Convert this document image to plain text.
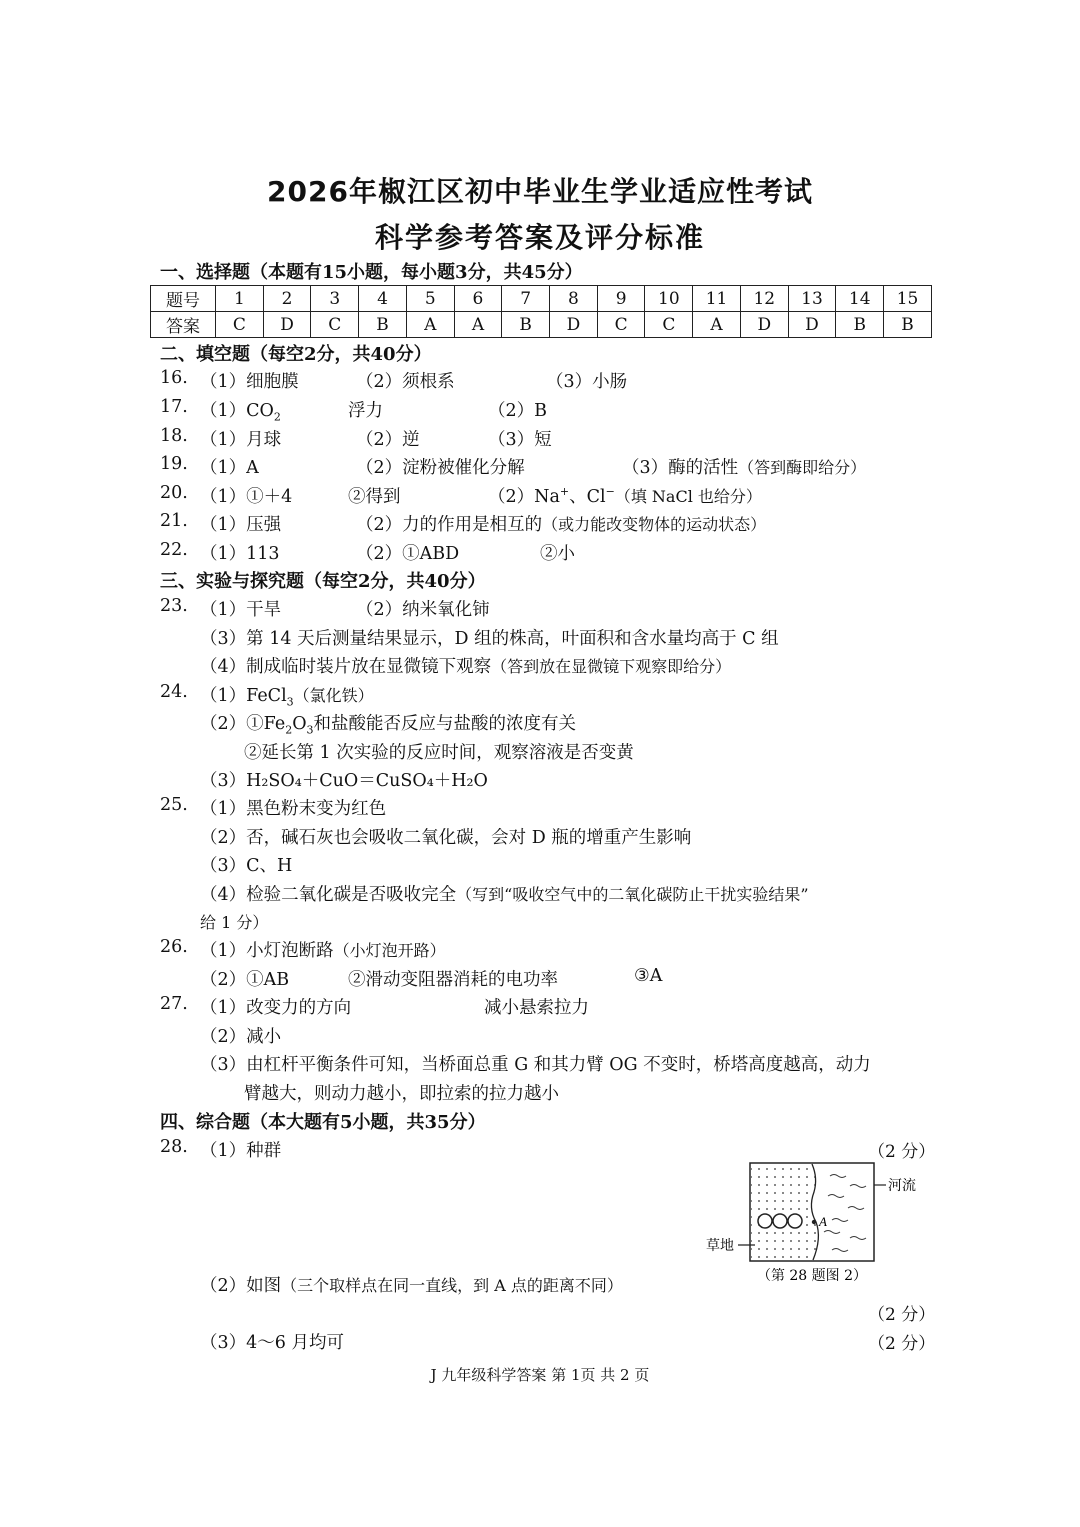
2026年椒江区初中毕业生学业适应性考试
科学参考答案及评分标准
一、选择题（本题有15小题，每小题3分，共45分）
题号	1	2	3	4	5	6	7	8	9	10	11	12	13	14	15
答案	C	D	C	B	A	A	B	D	C	C	A	D	D	B	B
二、填空题（每空2分，共40分）
16. （1）细胞膜	（2）须根系	（3）小肠
17. $(1)CO_2$	浮力	（2）B
18. （1）月球	（2）逆	（3）短
19. （1）A	（2）淀粉被催化分解	（3）酶的活性（答到酶即给分）
20. （1）①＋4	②得到	（2）Na+、Cl−（填 NaCl 也给分）
21. （1）压强	（2）力的作用是相互的（或力能改变物体的运动状态）
22. （1）113	（2）①ABD	②小
三、实验与探究题（每空2分，共40分）
23. （1）干旱	（2）纳米氧化铈
（3）第 14 天后测量结果显示，D 组的株高，叶面积和含水量均高于 C 组
（4）制成临时装片放在显微镜下观察（答到放在显微镜下观察即给分）
24. （1）FeCl$_3$（氯化铁）
$(2)①Fe_2O_3$和盐酸能否反应与盐酸的浓度有关
②延长第 1 次实验的反应时间，观察溶液是否变黄
（3）H₂SO₄＋CuO＝CuSO₄＋H₂O
25. （1）黑色粉末变为红色
（2）否，碱石灰也会吸收二氧化碳，会对 D 瓶的增重产生影响
（3）C、H
（4）检验二氧化碳是否吸收完全（写到“吸收空气中的二氧化碳防止干扰实验结果”
给 1 分）
26. （1）小灯泡断路（小灯泡开路）
（2）①AB	②滑动变阻器消耗的电功率	③A
27. （1）改变力的方向	减小悬索拉力
（2）减小
（3）由杠杆平衡条件可知，当桥面总重 G 和其力臂 OG 不变时，桥塔高度越高，动力
臂越大，则动力越小，即拉索的拉力越小
四、综合题（本大题有5小题，共35分）
28. （1）种群	（2 分）
A
河流
草地
（第 28 题图 2）
（2）如图（三个取样点在同一直线，到 A 点的距离不同）
（2 分）
（3）4～6 月均可	（2 分）
J 九年级科学答案 第 1页 共 2 页
